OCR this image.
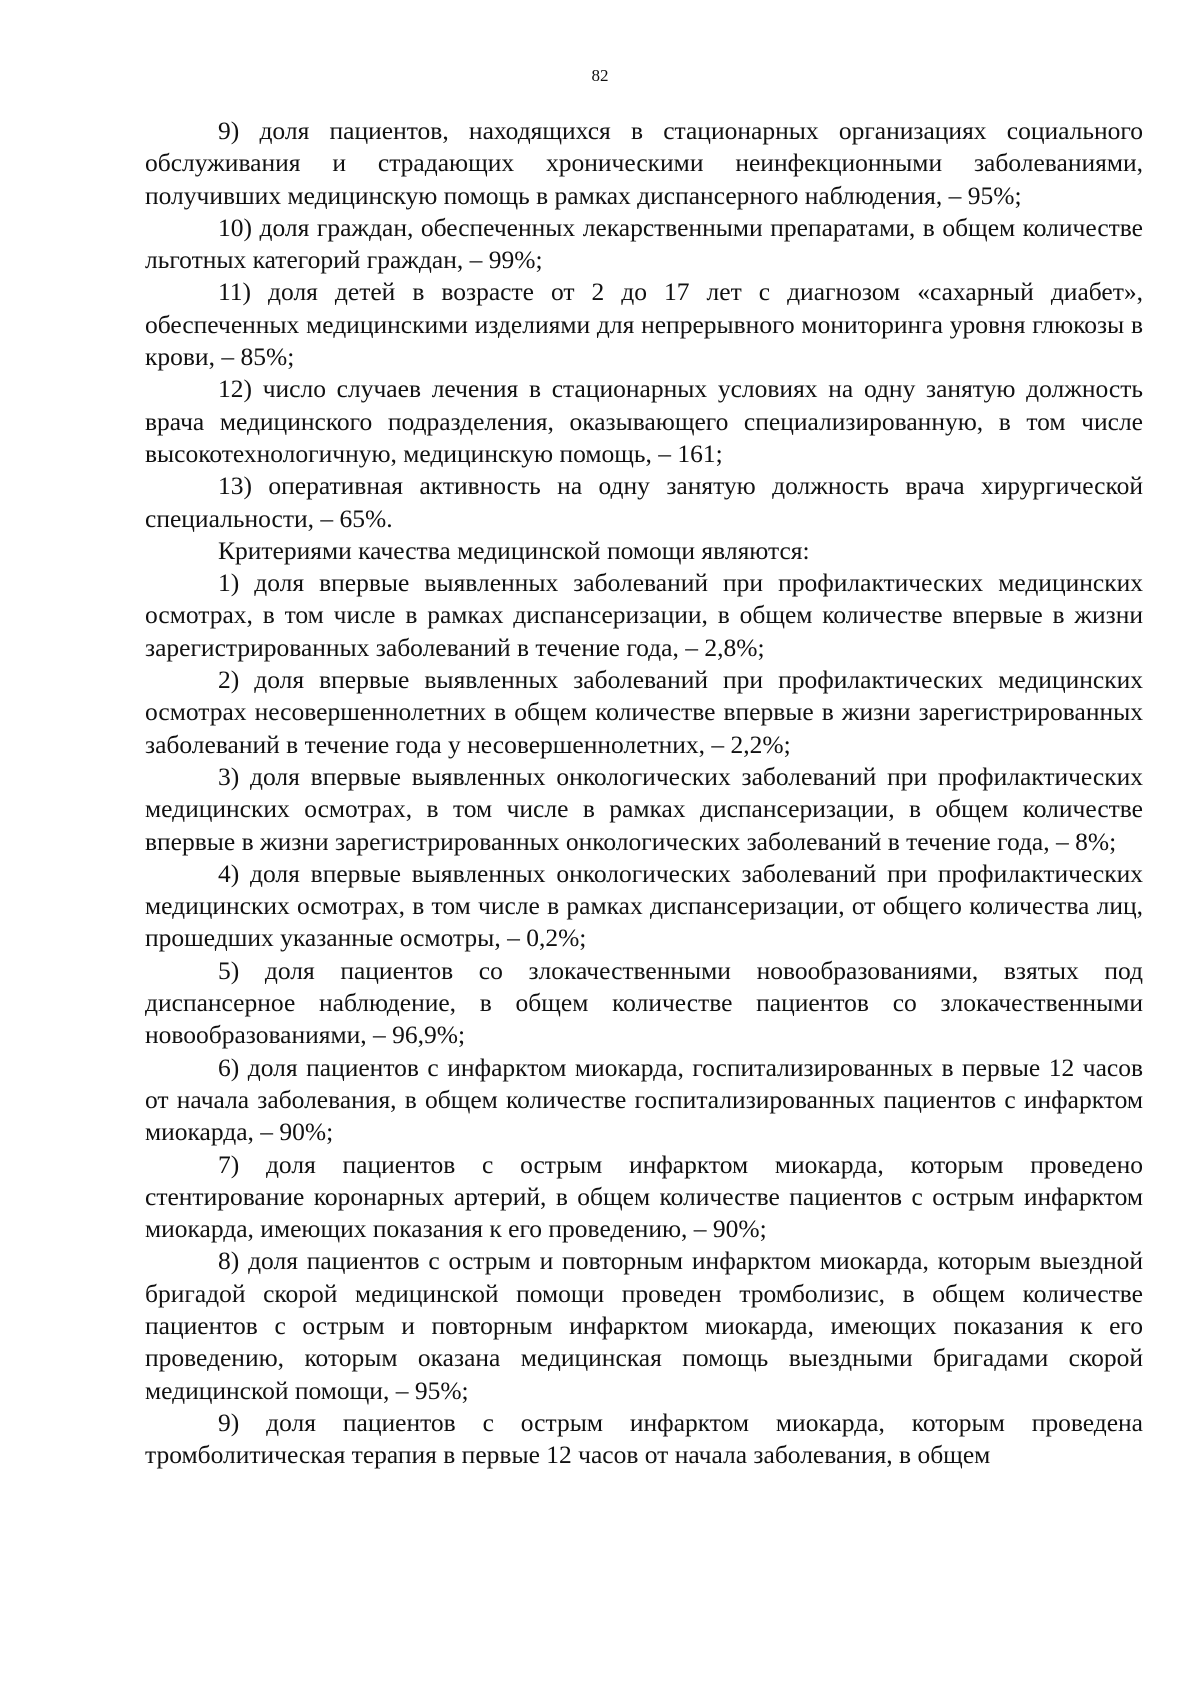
82

9) доля пациентов, находящихся в стационарных организациях социального обслуживания и страдающих хроническими неинфекционными заболеваниями, получивших медицинскую помощь в рамках диспансерного наблюдения, – 95%;

10) доля граждан, обеспеченных лекарственными препаратами, в общем количестве льготных категорий граждан, – 99%;

11) доля детей в возрасте от 2 до 17 лет с диагнозом «сахарный диабет», обеспеченных медицинскими изделиями для непрерывного мониторинга уровня глюкозы в крови, – 85%;

12) число случаев лечения в стационарных условиях на одну занятую должность врача медицинского подразделения, оказывающего специализированную, в том числе высокотехнологичную, медицинскую помощь, – 161;

13) оперативная активность на одну занятую должность врача хирургической специальности, – 65%.

Критериями качества медицинской помощи являются:

1) доля впервые выявленных заболеваний при профилактических медицинских осмотрах, в том числе в рамках диспансеризации, в общем количестве впервые в жизни зарегистрированных заболеваний в течение года, – 2,8%;

2) доля впервые выявленных заболеваний при профилактических медицинских осмотрах несовершеннолетних в общем количестве впервые в жизни зарегистрированных заболеваний в течение года у несовершеннолетних, – 2,2%;

3) доля впервые выявленных онкологических заболеваний при профилактических медицинских осмотрах, в том числе в рамках диспансеризации, в общем количестве впервые в жизни зарегистрированных онкологических заболеваний в течение года, – 8%;

4) доля впервые выявленных онкологических заболеваний при профилактических медицинских осмотрах, в том числе в рамках диспансеризации, от общего количества лиц, прошедших указанные осмотры, – 0,2%;

5) доля пациентов со злокачественными новообразованиями, взятых под диспансерное наблюдение, в общем количестве пациентов со злокачественными новообразованиями, – 96,9%;

6) доля пациентов с инфарктом миокарда, госпитализированных в первые 12 часов от начала заболевания, в общем количестве госпитализированных пациентов с инфарктом миокарда, – 90%;

7) доля пациентов с острым инфарктом миокарда, которым проведено стентирование коронарных артерий, в общем количестве пациентов с острым инфарктом миокарда, имеющих показания к его проведению, – 90%;

8) доля пациентов с острым и повторным инфарктом миокарда, которым выездной бригадой скорой медицинской помощи проведен тромболизис, в общем количестве пациентов с острым и повторным инфарктом миокарда, имеющих показания к его проведению, которым оказана медицинская помощь выездными бригадами скорой медицинской помощи, – 95%;

9) доля пациентов с острым инфарктом миокарда, которым проведена тромболитическая терапия в первые 12 часов от начала заболевания, в общем
